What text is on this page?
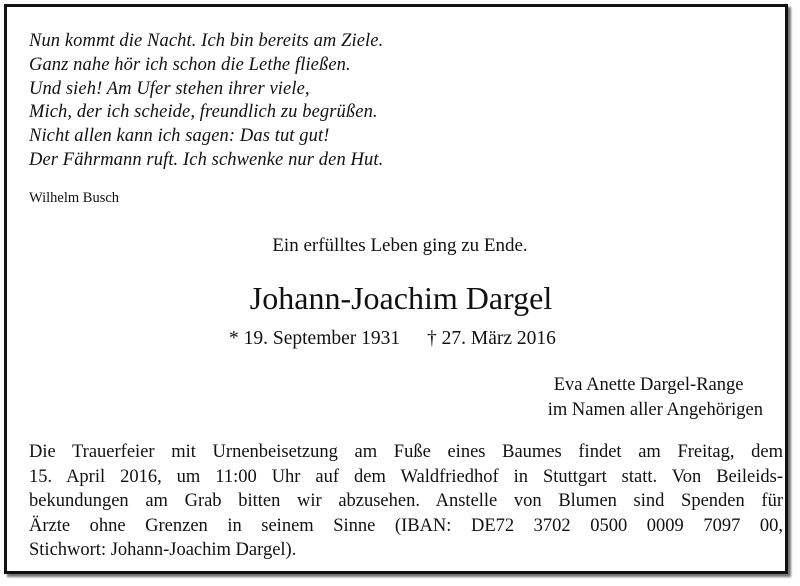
Nun kommt die Nacht. Ich bin bereits am Ziele.
Ganz nahe hör ich schon die Lethe fließen.
Und sieh! Am Ufer stehen ihrer viele,
Mich, der ich scheide, freundlich zu begrüßen.
Nicht allen kann ich sagen: Das tut gut!
Der Fährmann ruft. Ich schwenke nur den Hut.
Wilhelm Busch
Ein erfülltes Leben ging zu Ende.
Johann-Joachim Dargel
* 19. September 1931 † 27. März 2016
Eva Anette Dargel-Range
im Namen aller Angehörigen
Die Trauerfeier mit Urnenbeisetzung am Fuße eines Baumes findet am Freitag, dem
15. April 2016, um 11:00 Uhr auf dem Waldfriedhof in Stuttgart statt. Von Beileids-
bekundungen am Grab bitten wir abzusehen. Anstelle von Blumen sind Spenden für
Ärzte ohne Grenzen in seinem Sinne (IBAN: DE72 3702 0500 0009 7097 00,
Stichwort: Johann-Joachim Dargel).
